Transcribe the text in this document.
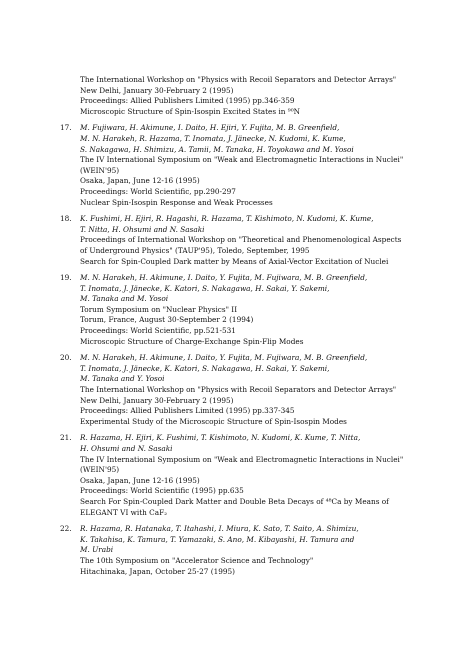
The International Workshop on "Physics with Recoil Separators and Detector Arrays"
New Delhi, January 30-February 2 (1995)
Proceedings: Allied Publishers Limited (1995) pp.346-359
Microscopic Structure of Spin-Isospin Excited States in ⁹⁰N
17. M. Fujiwara, H. Akimune, I. Daito, H. Ejiri, Y. Fujita, M. B. Greenfield,
M. N. Harakeh, R. Hazama, T. Inomata, J. Jänecke, N. Kudomi, K. Kume,
S. Nakagawa, H. Shimizu, A. Tamii, M. Tanaka, H. Toyokawa and M. Yosoi
The IV International Symposium on "Weak and Electromagnetic Interactions in Nuclei"
(WEIN'95)
Osaka, Japan, June 12-16 (1995)
Proceedings: World Scientific, pp.290-297
Nuclear Spin-Isospin Response and Weak Processes
18. K. Fushimi, H. Ejiri, R. Hagashi, R. Hazama, T. Kishimoto, N. Kudomi, K. Kume,
T. Nitta, H. Ohsumi and N. Sasaki
Proceedings of International Workshop on "Theoretical and Phenomenological Aspects
of Underground Physics" (TAUP'95), Toledo, September, 1995
Search for Spin-Coupled Dark matter by Means of Axial-Vector Excitation of Nuclei
19. M. N. Harakeh, H. Akimune, I. Daito, Y. Fujita, M. Fujiwara, M. B. Greenfield,
T. Inomata, J. Jänecke, K. Katori, S. Nakagawa, H. Sakai, Y. Sakemi,
M. Tanaka and M. Yosoi
Torum Symposium on "Nuclear Physics" II
Torum, France, August 30-September 2 (1994)
Proceedings: World Scientific, pp.521-531
Microscopic Structure of Charge-Exchange Spin-Flip Modes
20. M. N. Harakeh, H. Akimune, I. Daito, Y. Fujita, M. Fujiwara, M. B. Greenfield,
T. Inomata, J. Jänecke, K. Katori, S. Nakagawa, H. Sakai, Y. Sakemi,
M. Tanaka and Y. Yosoi
The International Workshop on "Physics with Recoil Separators and Detector Arrays"
New Delhi, January 30-February 2 (1995)
Proceedings: Allied Publishers Limited (1995) pp.337-345
Experimental Study of the Microscopic Structure of Spin-Isospin Modes
21. R. Hazama, H. Ejiri, K. Fushimi, T. Kishimoto, N. Kudomi, K. Kume, T. Nitta,
H. Ohsumi and N. Sasaki
The IV International Symposium on "Weak and Electromagnetic Interactions in Nuclei"
(WEIN'95)
Osaka, Japan, June 12-16 (1995)
Proceedings: World Scientific (1995) pp.635
Search For Spin-Coupled Dark Matter and Double Beta Decays of ⁴⁸Ca by Means of
ELEGANT VI with CaF₂
22. R. Hazama, R. Hatanaka, T. Itahashi, I. Miura, K. Sato, T. Saito, A. Shimizu,
K. Takahisa, K. Tamura, T. Yamazaki, S. Ano, M. Kibayashi, H. Tamura and
M. Urabi
The 10th Symposium on "Accelerator Science and Technology"
Hitachinaka, Japan, October 25-27 (1995)
